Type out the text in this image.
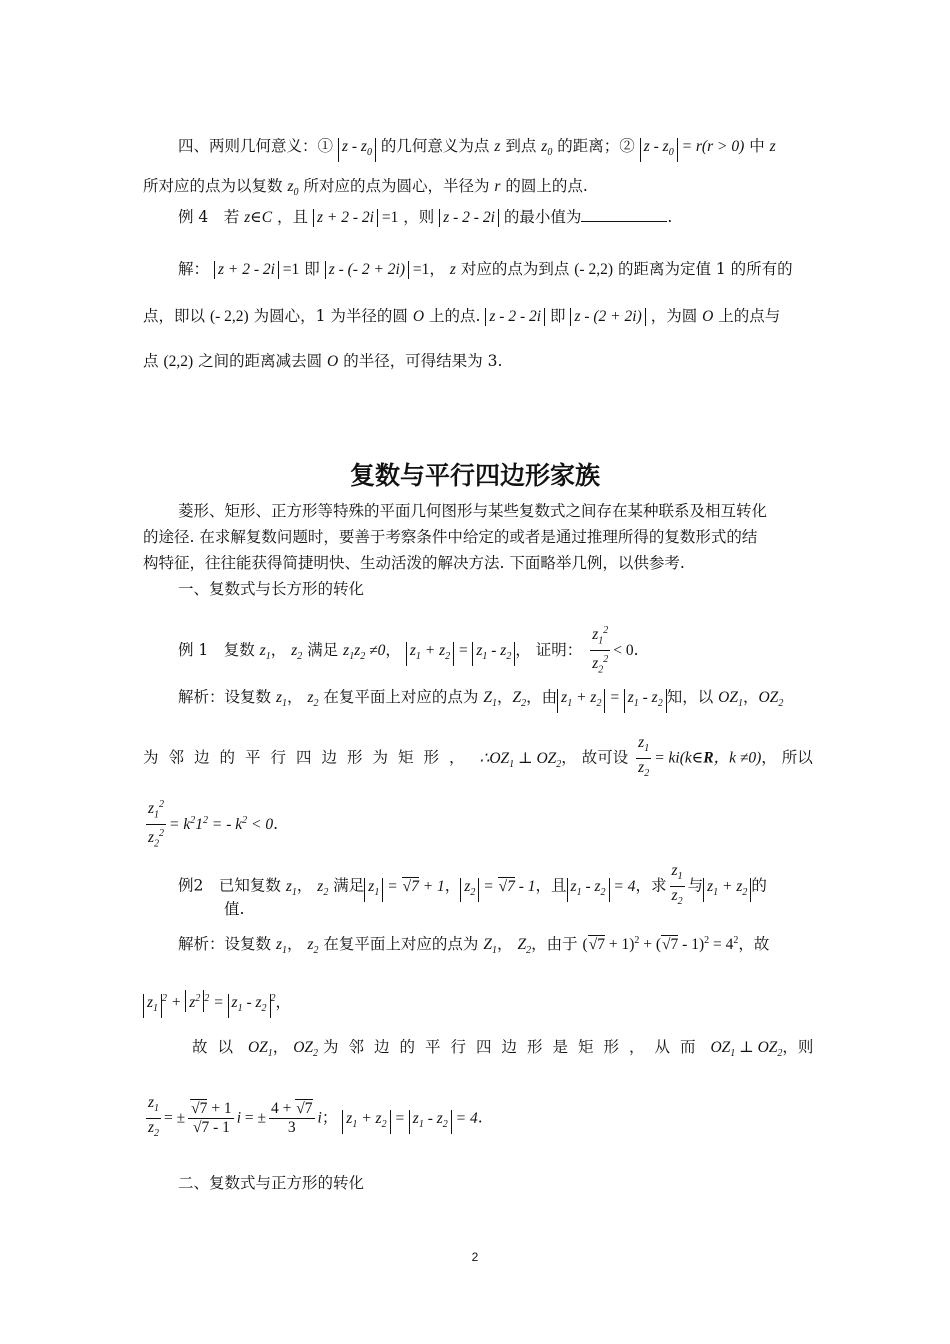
四、两则几何意义：① z - $z_0$ 的几何意义为点 z 到点 $z_0$ 的距离；② $z - z_0 = r(r > 0)$ 中 z
所对应的点为以复数 $z_0$ 所对应的点为圆心，半径为 r 的圆上的点.
例 4　若 z∈C ，且 z + 2 - 2i =1 ，则 z - 2 - 2i 的最小值为	.
解： z + 2 - 2i =1 即 z - (- 2 + 2i) =1， z 对应的点为到点 (- 2,2) 的距离为定值 1 的所有的
点，即以 (- 2,2) 为圆心，1 为半径的圆 O 上的点. z - 2 - 2i 即 z - (2 + 2i) ，为圆 O 上的点与
点 (2,2) 之间的距离减去圆 O 的半径，可得结果为 3.
复数与平行四边形家族
菱形、矩形、正方形等特殊的平面几何图形与某些复数式之间存在某种联系及相互转化
的途径. 在求解复数问题时，要善于考察条件中给定的或者是通过推理所得的复数形式的结
构特征，往往能获得简捷明快、生动活泼的解决方法. 下面略举几例，以供参考.
一、复数式与长方形的转化
例 1　复数 $z_1$， $z_2$ 满足 $z_1z_2 \ne 0$， $z_1 + z_2 = z_1 - z_2$ ， 证明： $\frac{z_1^2}{z_2^2} < 0$.
解析：设复数 $z_1$， $z_2$ 在复平面上对应的点为 $Z_1$，$Z_2$，由 $z_1 + z_2 = z_1 - z_2$ 知，以 $OZ_1$，$OZ_2$
为邻边的平行四边形为矩形， $\therefore OZ_1$ ⊥ $OZ_2$， 故可设 $\frac{z_1}{z_2}$ = ki(k∈R，k ≠0)， 所以
$\frac{z_1^2}{z_2^2} = k^21^2$ = - $k^2 < 0$.
例2　已知复数 $z_1$， $z_2$ 满足 $z_1 = √7 + 1$， $z_2 = √7 - 1$，且 $z_1 - z_2 = 4$，求 $\frac{z_1}{z_2}$ 与 $z_1 + z_2$ 的
值.
解析：设复数 $z_1$， $z_2$ 在复平面上对应的点为 $Z_1$， $Z_2$，由于 $(√7 + 1)^2 + (√7 - 1)^2 = 4^2$，故
$z_1^2 + z^2$ $^2 = z_1 - z_2^2$，
故以 $OZ_1$， $OZ_2$ 为邻边的平行四边形是矩形，从而 $OZ_1$ ⊥ $OZ_2$，则
$\frac{z_1}{z_2}$ = ± $\frac{√7 + 1}{√7 - 1}$ i = ± $\frac{4 + √7}{3}$ i； $z_1 + z_2 = z_1 - z_2 = 4$.
二、复数式与正方形的转化
2
